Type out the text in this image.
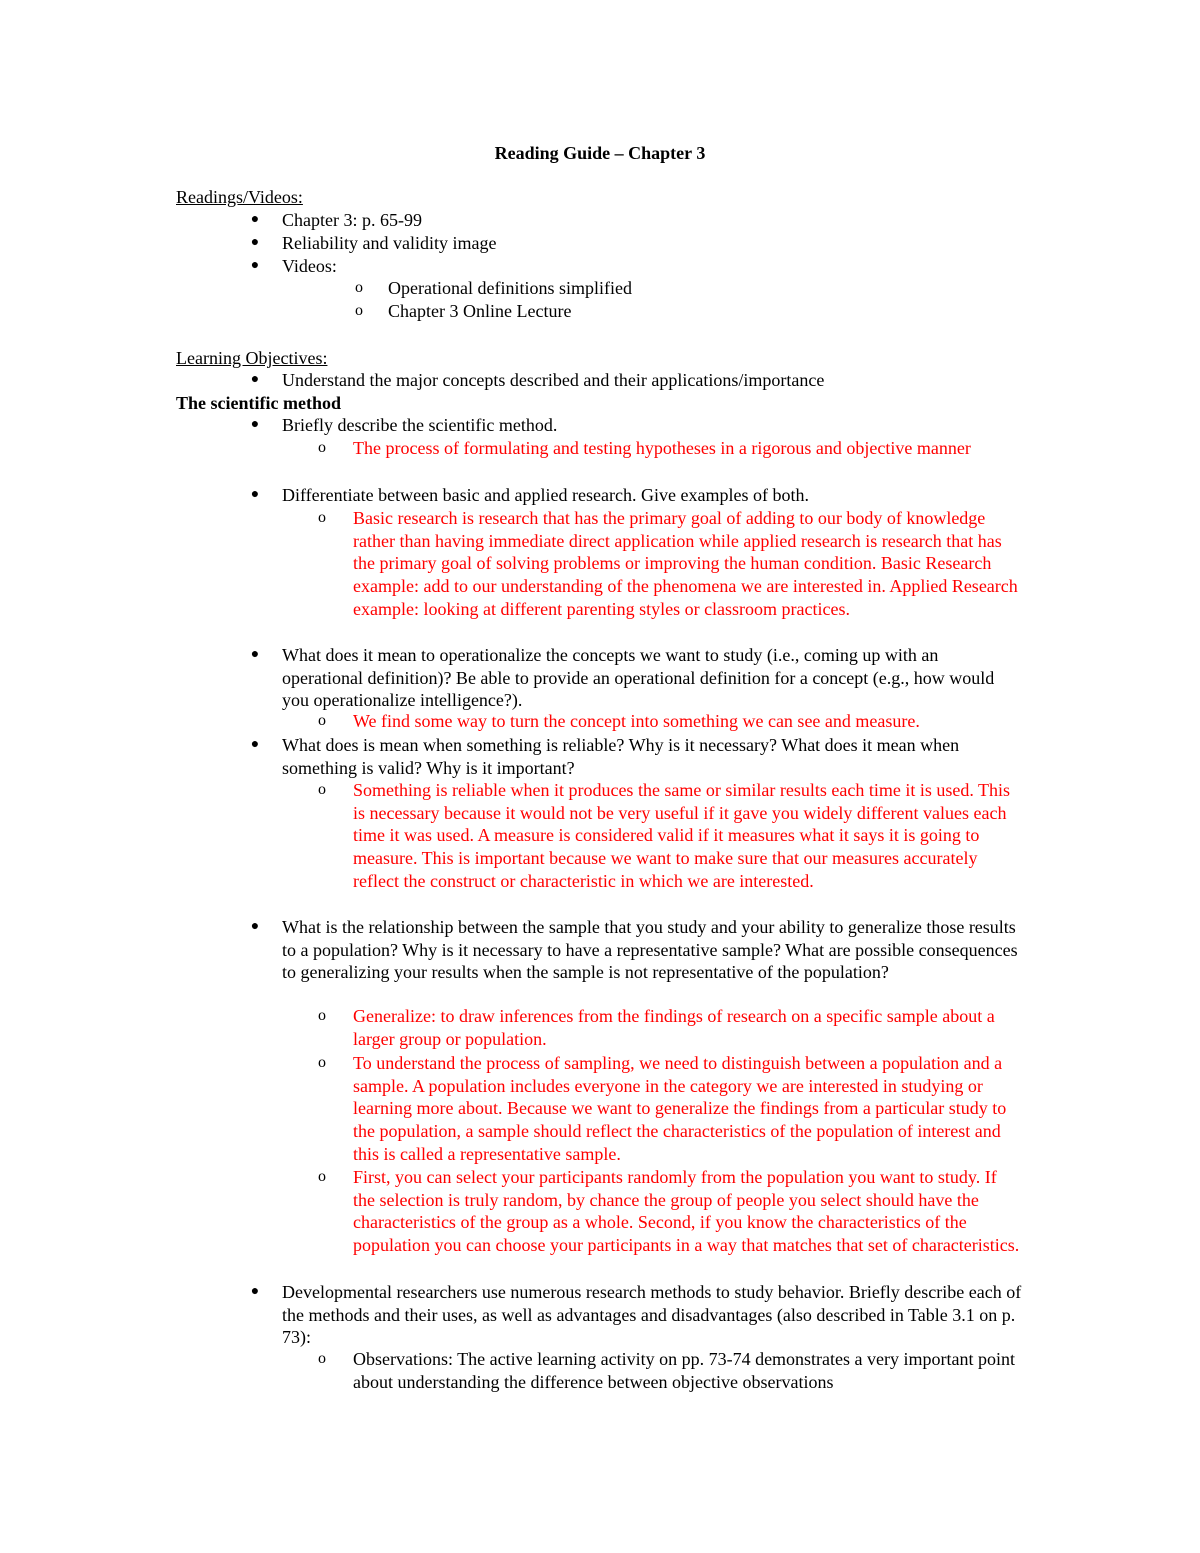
Reading Guide – Chapter 3
Readings/Videos:
● Chapter 3: p. 65-99
● Reliability and validity image
● Videos:
o Operational definitions simplified
o Chapter 3 Online Lecture
Learning Objectives:
● Understand the major concepts described and their applications/importance
The scientific method
● Briefly describe the scientific method.
o The process of formulating and testing hypotheses in a rigorous and objective manner
● Differentiate between basic and applied research. Give examples of both.
o Basic research is research that has the primary goal of adding to our body of knowledge rather than having immediate direct application while applied research is research that has the primary goal of solving problems or improving the human condition. Basic Research example: add to our understanding of the phenomena we are interested in. Applied Research example: looking at different parenting styles or classroom practices.
● What does it mean to operationalize the concepts we want to study (i.e., coming up with an operational definition)? Be able to provide an operational definition for a concept (e.g., how would you operationalize intelligence?).
o We find some way to turn the concept into something we can see and measure.
● What does is mean when something is reliable? Why is it necessary? What does it mean when something is valid? Why is it important?
o Something is reliable when it produces the same or similar results each time it is used. This is necessary because it would not be very useful if it gave you widely different values each time it was used. A measure is considered valid if it measures what it says it is going to measure. This is important because we want to make sure that our measures accurately reflect the construct or characteristic in which we are interested.
● What is the relationship between the sample that you study and your ability to generalize those results to a population? Why is it necessary to have a representative sample? What are possible consequences to generalizing your results when the sample is not representative of the population?
o Generalize: to draw inferences from the findings of research on a specific sample about a larger group or population.
o To understand the process of sampling, we need to distinguish between a population and a sample. A population includes everyone in the category we are interested in studying or learning more about. Because we want to generalize the findings from a particular study to the population, a sample should reflect the characteristics of the population of interest and this is called a representative sample.
o First, you can select your participants randomly from the population you want to study. If the selection is truly random, by chance the group of people you select should have the characteristics of the group as a whole. Second, if you know the characteristics of the population you can choose your participants in a way that matches that set of characteristics.
● Developmental researchers use numerous research methods to study behavior. Briefly describe each of the methods and their uses, as well as advantages and disadvantages (also described in Table 3.1 on p. 73):
o Observations: The active learning activity on pp. 73-74 demonstrates a very important point about understanding the difference between objective observations
